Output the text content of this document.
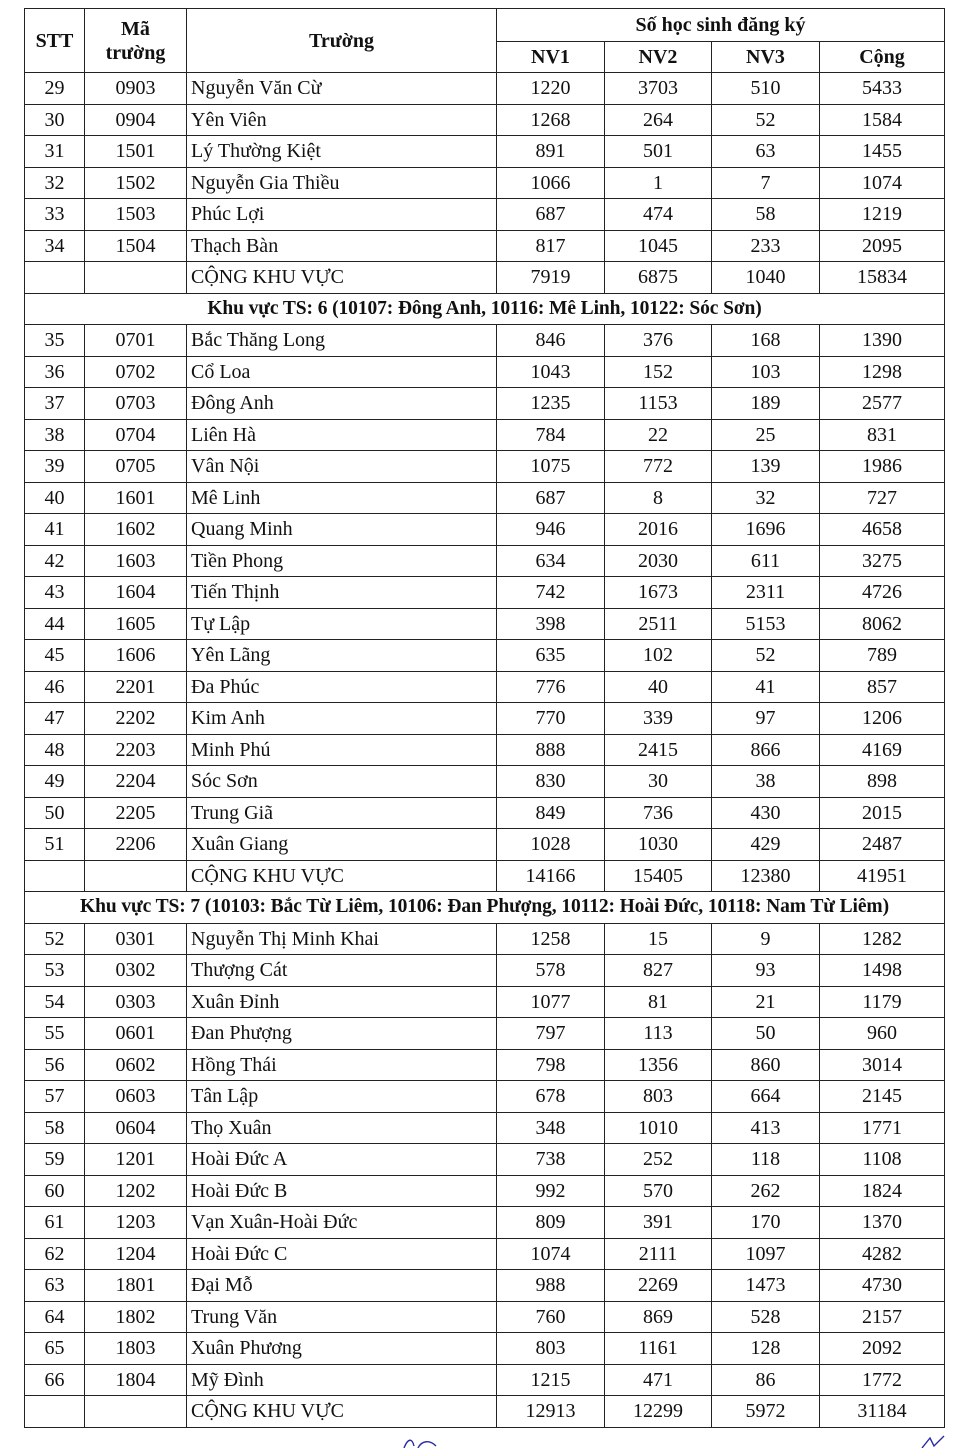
STT	Mã trường	Trường	Số học sinh đăng ký			
			NV1	NV2	NV3	Cộng
29	0903	Nguyễn Văn Cừ	1220	3703	510	5433
30	0904	Yên Viên	1268	264	52	1584
31	1501	Lý Thường Kiệt	891	501	63	1455
32	1502	Nguyễn Gia Thiều	1066	1	7	1074
33	1503	Phúc Lợi	687	474	58	1219
34	1504	Thạch Bàn	817	1045	233	2095
		CỘNG KHU VỰC	7919	6875	1040	15834
Khu vực TS: 6 (10107: Đông Anh, 10116: Mê Linh, 10122: Sóc Sơn)						
35	0701	Bắc Thăng Long	846	376	168	1390
36	0702	Cổ Loa	1043	152	103	1298
37	0703	Đông Anh	1235	1153	189	2577
38	0704	Liên Hà	784	22	25	831
39	0705	Vân Nội	1075	772	139	1986
40	1601	Mê Linh	687	8	32	727
41	1602	Quang Minh	946	2016	1696	4658
42	1603	Tiền Phong	634	2030	611	3275
43	1604	Tiến Thịnh	742	1673	2311	4726
44	1605	Tự Lập	398	2511	5153	8062
45	1606	Yên Lãng	635	102	52	789
46	2201	Đa Phúc	776	40	41	857
47	2202	Kim Anh	770	339	97	1206
48	2203	Minh Phú	888	2415	866	4169
49	2204	Sóc Sơn	830	30	38	898
50	2205	Trung Giã	849	736	430	2015
51	2206	Xuân Giang	1028	1030	429	2487
		CỘNG KHU VỰC	14166	15405	12380	41951
Khu vực TS: 7 (10103: Bắc Từ Liêm, 10106: Đan Phượng, 10112: Hoài Đức, 10118: Nam Từ Liêm)						
52	0301	Nguyễn Thị Minh Khai	1258	15	9	1282
53	0302	Thượng Cát	578	827	93	1498
54	0303	Xuân Đỉnh	1077	81	21	1179
55	0601	Đan Phượng	797	113	50	960
56	0602	Hồng Thái	798	1356	860	3014
57	0603	Tân Lập	678	803	664	2145
58	0604	Thọ Xuân	348	1010	413	1771
59	1201	Hoài Đức A	738	252	118	1108
60	1202	Hoài Đức B	992	570	262	1824
61	1203	Vạn Xuân-Hoài Đức	809	391	170	1370
62	1204	Hoài Đức C	1074	2111	1097	4282
63	1801	Đại Mỗ	988	2269	1473	4730
64	1802	Trung Văn	760	869	528	2157
65	1803	Xuân Phương	803	1161	128	2092
66	1804	Mỹ Đình	1215	471	86	1772
		CỘNG KHU VỰC	12913	12299	5972	31184
